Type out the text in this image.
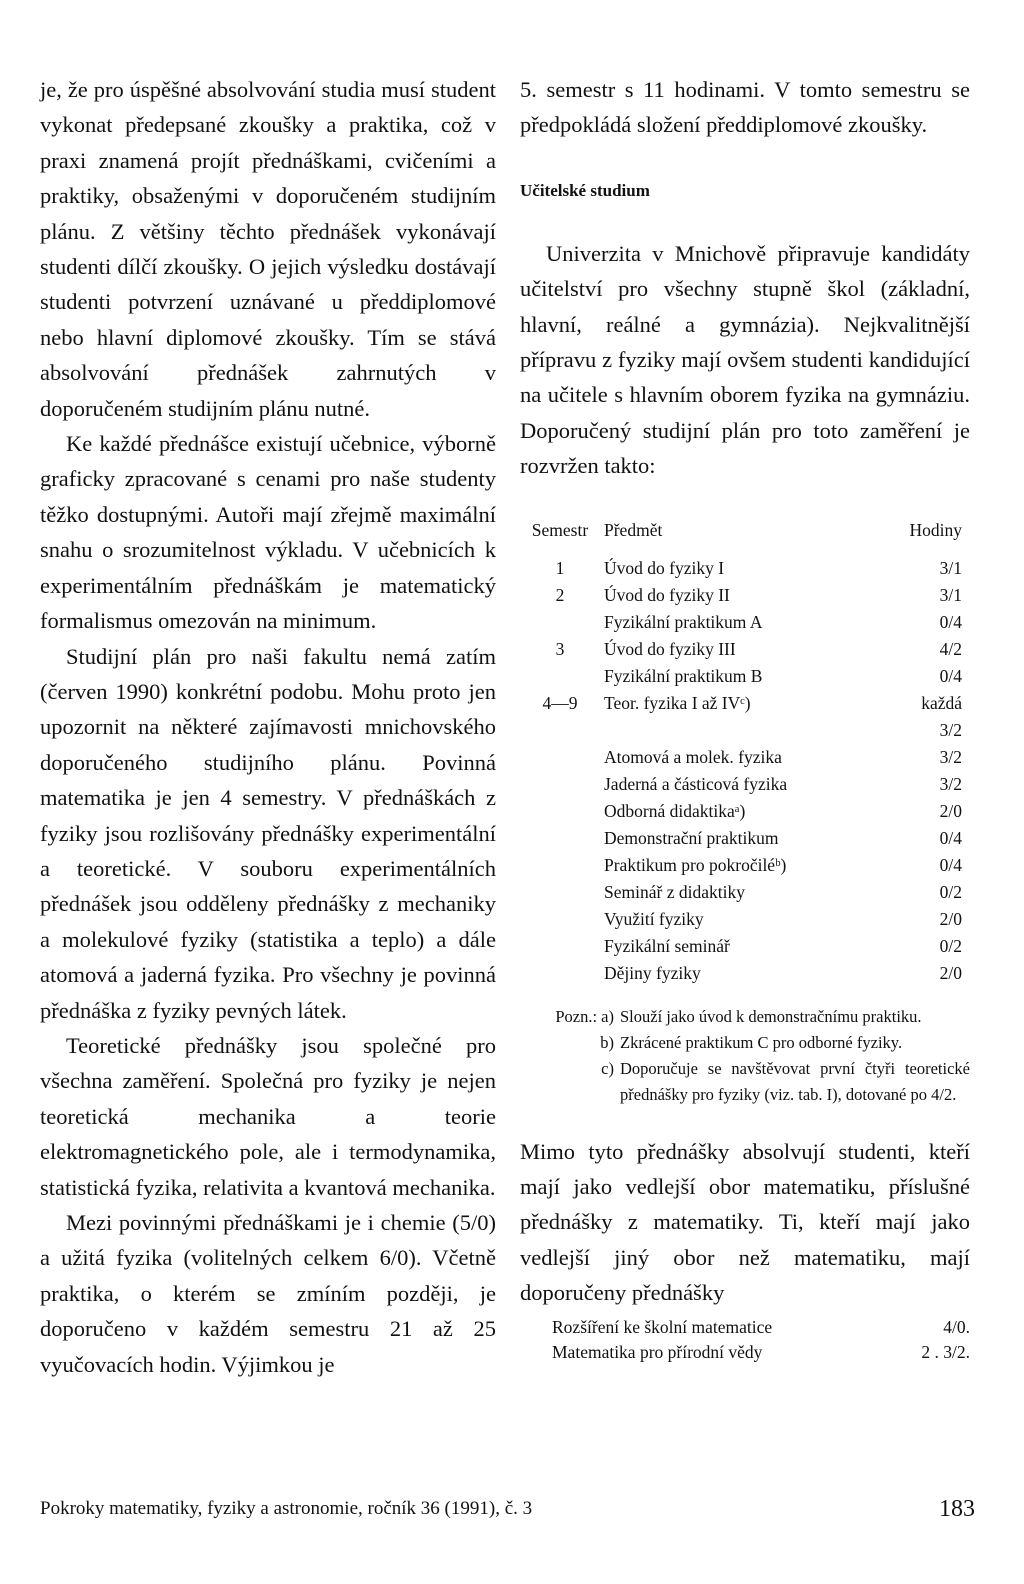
je, že pro úspěšné absolvování studia musí student vykonat předepsané zkoušky a praktika, což v praxi znamená projít přednáškami, cvičeními a praktiky, obsaženými v doporučeném studijním plánu. Z většiny těchto přednášek vykonávají studenti dílčí zkoušky. O jejich výsledku dostávají studenti potvrzení uznávané u předdiplomové nebo hlavní diplomové zkoušky. Tím se stává absolvování přednášek zahrnutých v doporučeném studijním plánu nutné.

Ke každé přednášce existují učebnice, výborně graficky zpracované s cenami pro naše studenty těžko dostupnými. Autoři mají zřejmě maximální snahu o srozumitelnost výkladu. V učebnicích k experimentálním přednáškám je matematický formalismus omezován na minimum.

Studijní plán pro naši fakultu nemá zatím (červen 1990) konkrétní podobu. Mohu proto jen upozornit na některé zajímavosti mnichovského doporučeného studijního plánu. Povinná matematika je jen 4 semestry. V přednáškách z fyziky jsou rozlišovány přednášky experimentální a teoretické. V souboru experimentálních přednášek jsou odděleny přednášky z mechaniky a molekulové fyziky (statistika a teplo) a dále atomová a jaderná fyzika. Pro všechny je povinná přednáška z fyziky pevných látek.

Teoretické přednášky jsou společné pro všechna zaměření. Společná pro fyziky je nejen teoretická mechanika a teorie elektromagnetického pole, ale i termodynamika, statistická fyzika, relativita a kvantová mechanika.

Mezi povinnými přednáškami je i chemie (5/0) a užitá fyzika (volitelných celkem 6/0). Včetně praktika, o kterém se zmíním později, je doporučeno v každém semestru 21 až 25 vyučovacích hodin. Výjimkou je

5. semestr s 11 hodinami. V tomto semestru se předpokládá složení předdiplomové zkoušky.

Učitelské studium

Univerzita v Mnichově připravuje kandidáty učitelství pro všechny stupně škol (základní, hlavní, reálné a gymnázia). Nejkvalitnější přípravu z fyziky mají ovšem studenti kandidující na učitele s hlavním oborem fyzika na gymnáziu. Doporučený studijní plán pro toto zaměření je rozvržen takto:

Semestr	Předmět	Hodiny
1	Úvod do fyziky I	3/1
2	Úvod do fyziky II	3/1
	Fyzikální praktikum A	0/4
3	Úvod do fyziky III	4/2
	Fyzikální praktikum B	0/4
4—9	Teor. fyzika I až IVᶜ)	každá
		3/2
	Atomová a molek. fyzika	3/2
	Jaderná a částicová fyzika	3/2
	Odborná didaktikaᵃ)	2/0
	Demonstrační praktikum	0/4
	Praktikum pro pokročiléᵇ)	0/4
	Seminář z didaktiky	0/2
	Využití fyziky	2/0
	Fyzikální seminář	0/2
	Dějiny fyziky	2/0
Pozn.: a) Slouží jako úvod k demonstračnímu praktiku.
b) Zkrácené praktikum C pro odborné fyziky.
c) Doporučuje se navštěvovat první čtyři teoretické přednášky pro fyziky (viz. tab. I), dotované po 4/2.

Mimo tyto přednášky absolvují studenti, kteří mají jako vedlejší obor matematiku, příslušné přednášky z matematiky. Ti, kteří mají jako vedlejší jiný obor než matematiku, mají doporučeny přednášky

Rozšíření ke školní matematice	4/0.
Matematika pro přírodní vědy	2 . 3/2.
Pokroky matematiky, fyziky a astronomie, ročník 36 (1991), č. 3	183
